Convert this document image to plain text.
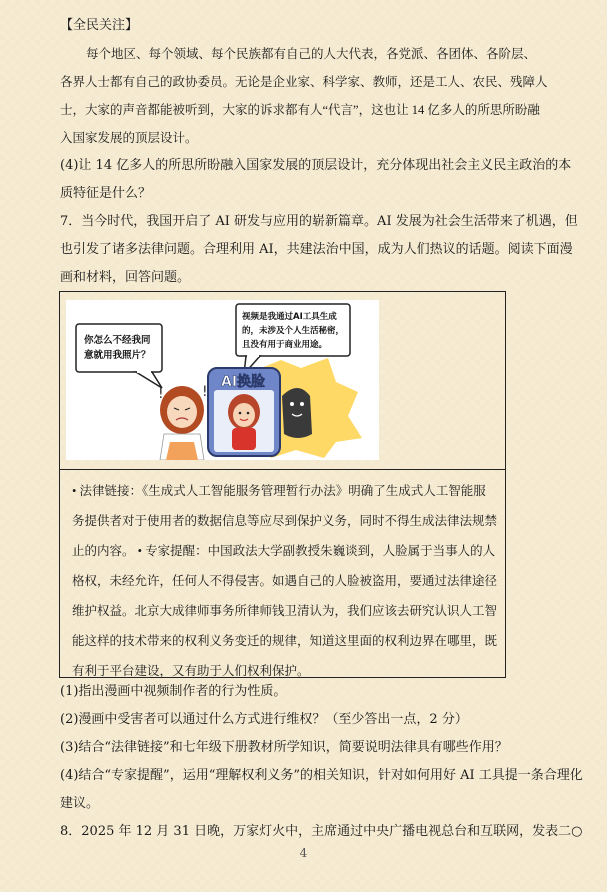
【全民关注】
每个地区、每个领域、每个民族都有自己的人大代表，各党派、各团体、各阶层、
各界人士都有自己的政协委员。无论是企业家、科学家、教师，还是工人、农民、残障人
士，大家的声音都能被听到，大家的诉求都有人“代言”，这也让 14 亿多人的所思所盼融
入国家发展的顶层设计。
(4)让 14 亿多人的所思所盼融入国家发展的顶层设计，充分体现出社会主义民主政治的本
质特征是什么？
7．当今时代，我国开启了 AI 研发与应用的崭新篇章。AI 发展为社会生活带来了机遇，但
也引发了诸多法律问题。合理利用 AI，共建法治中国，成为人们热议的话题。阅读下面漫
画和材料，回答问题。
你怎么不经我同
意就用我照片？
视频是我通过AI工具生成
的，未涉及个人生活秘密，
且没有用于商业用途。
AI换脸
!	!
• 法律链接：《生成式人工智能服务管理暂行办法》明确了生成式人工智能服
务提供者对于使用者的数据信息等应尽到保护义务，同时不得生成法律法规禁
止的内容。 • 专家提醒：中国政法大学副教授朱巍谈到，人脸属于当事人的人
格权，未经允许，任何人不得侵害。如遇自己的人脸被盗用，要通过法律途径
维护权益。北京大成律师事务所律师钱卫清认为，我们应该去研究认识人工智
能这样的技术带来的权利义务变迁的规律，知道这里面的权利边界在哪里，既
有利于平台建设，又有助于人们权利保护。
(1)指出漫画中视频制作者的行为性质。
(2)漫画中受害者可以通过什么方式进行维权？（至少答出一点，2 分）
(3)结合“法律链接”和七年级下册教材所学知识，简要说明法律具有哪些作用？
(4)结合“专家提醒”，运用“理解权利义务”的相关知识，针对如何用好 AI 工具提一条合理化
建议。
8．2025 年 12 月 31 日晚，万家灯火中，主席通过中央广播电视总台和互联网，发表二○
4
